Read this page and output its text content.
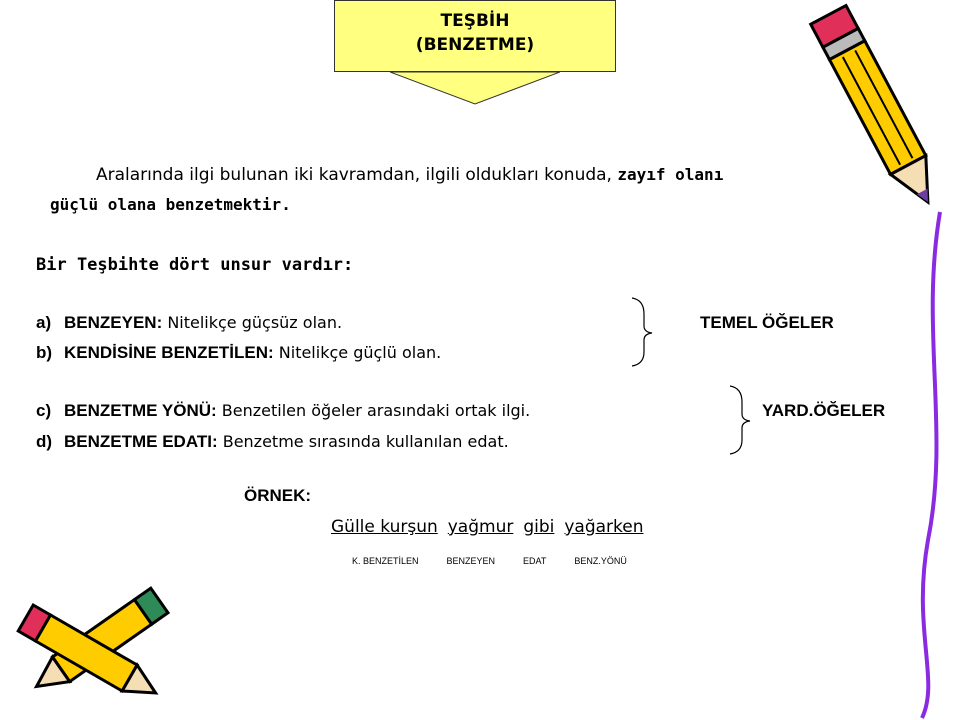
TEŞBİH
(BENZETME)
Aralarında ilgi bulunan iki kavramdan, ilgili oldukları konuda, zayıf olanı
güçlü olana benzetmektir.
Bir Teşbihte dört unsur vardır:
a) BENZEYEN: Nitelikçe güçsüz olan.
b) KENDİSİNE BENZETİLEN: Nitelikçe güçlü olan.
c) BENZETME YÖNÜ: Benzetilen öğeler arasındaki ortak ilgi.
d) BENZETME EDATI: Benzetme sırasında kullanılan edat.
TEMEL ÖĞELER
YARD.ÖĞELER
ÖRNEK:
Gülle kurşun yağmur gibi yağarken
K. BENZETİLEN	BENZEYEN	EDAT	BENZ.YÖNÜ
